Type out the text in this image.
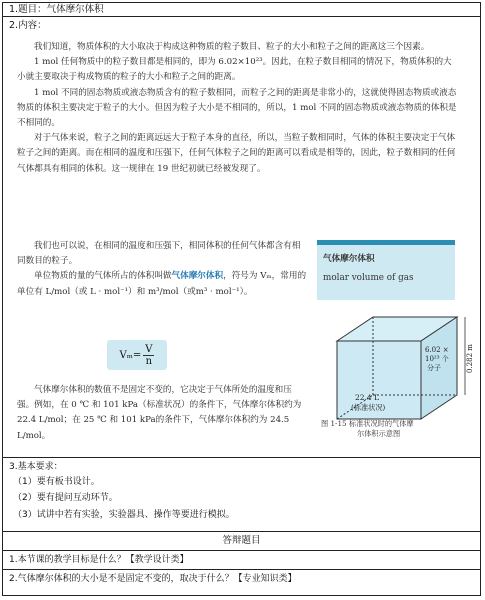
1.题目：气体摩尔体积
2.内容：

我们知道，物质体积的大小取决于构成这种物质的粒子数目、粒子的大小和粒子之间的距离这三个因素。

1 mol 任何物质中的粒子数目都是相同的，即为 6.02×10²³。因此，在粒子数目相同的情况下，物质体积的大小就主要取决于构成物质的粒子的大小和粒子之间的距离。

1 mol 不同的固态物质或液态物质含有的粒子数相同，而粒子之间的距离是非常小的，这就使得固态物质或液态物质的体积主要决定于粒子的大小。但因为粒子大小是不相同的，所以，1 mol 不同的固态物质或液态物质的体积是不相同的。

对于气体来说，粒子之间的距离远远大于粒子本身的直径，所以，当粒子数相同时，气体的体积主要决定于气体粒子之间的距离。而在相同的温度和压强下，任何气体粒子之间的距离可以看成是相等的，因此，粒子数相同的任何气体都具有相同的体积。这一规律在 19 世纪初就已经被发现了。

我们也可以说，在相同的温度和压强下，相同体积的任何气体都含有相同数目的粒子。

单位物质的量的气体所占的体积叫做气体摩尔体积，符号为 Vₘ，常用的单位有 L/mol（或 L · mol⁻¹）和 m³/mol（或m³ · mol⁻¹）。

$V_m= \frac{V}{n}$

气体摩尔体积的数值不是固定不变的，它决定于气体所处的温度和压强。例如，在 0 ℃ 和 101 kPa（标准状况）的条件下，气体摩尔体积约为 22.4 L/mol；在 25 ℃ 和 101 kPa的条件下，气体摩尔体积约为 24.5 L/mol。

气体摩尔体积
molar volume of gas
22.4 L
(标准状况)
6.02 ×
10²³ 个
分子	0.282 m
图 1-15 标准状况时的气体摩
尔体积示意图
3.基本要求：
（1）要有板书设计。
（2）要有提问互动环节。
（3）试讲中若有实验，实验器具、操作等要进行模拟。
答辩题目
1.本节课的教学目标是什么？【教学设计类】
2.气体摩尔体积的大小是不是固定不变的，取决于什么？【专业知识类】
